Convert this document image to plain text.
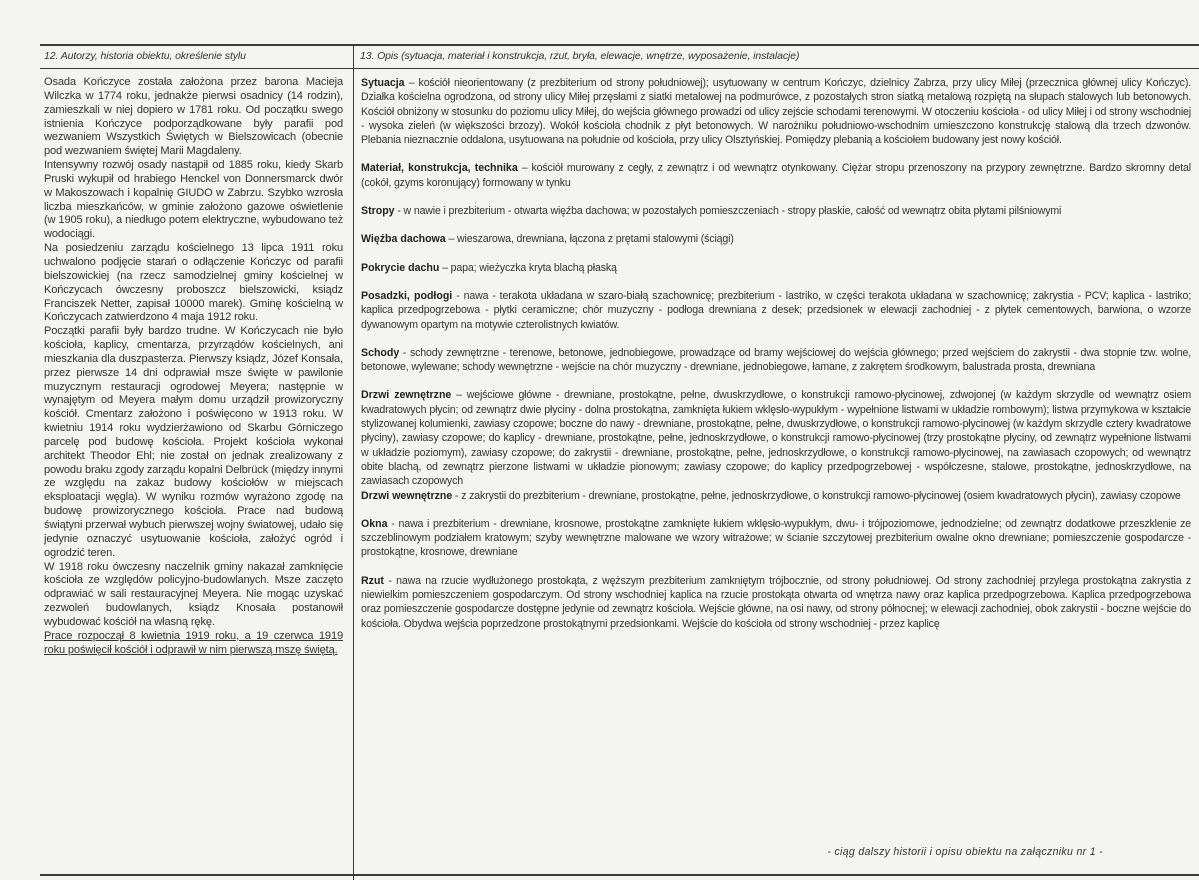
12. Autorzy, historia obiektu, określenie stylu	13. Opis (sytuacja, materiał i konstrukcja, rzut, bryła, elewacje, wnętrze, wyposażenie, instalacje)

Osada Kończyce została założona przez barona Macieja Wilczka w 1774 roku, jednakże pierwsi osadnicy (14 rodzin), zamieszkali w niej dopiero w 1781 roku. Od początku swego istnienia Kończyce podporządkowane były parafii pod wezwaniem Wszystkich Świętych w Bielszowicach (obecnie pod wezwaniem świętej Marii Magdaleny.

Intensywny rozwój osady nastąpił od 1885 roku, kiedy Skarb Pruski wykupił od hrabiego Henckel von Donnersmarck dwór w Makoszowach i kopalnię GIUDO w Zabrzu. Szybko wzrosła liczba mieszkańców, w gminie założono gazowe oświetlenie (w 1905 roku), a niedługo potem elektryczne, wybudowano też wodociągi.

Na posiedzeniu zarządu kościelnego 13 lipca 1911 roku uchwalono podjęcie starań o odłączenie Kończyc od parafii bielszowickiej (na rzecz samodzielnej gminy kościelnej w Kończycach ówczesny proboszcz bielszowicki, ksiądz Franciszek Netter, zapisał 10000 marek). Gminę kościelną w Kończycach zatwierdzono 4 maja 1912 roku.

Początki parafii były bardzo trudne. W Kończycach nie było kościoła, kaplicy, cmentarza, przyrządów kościelnych, ani mieszkania dla duszpasterza. Pierwszy ksiądz, Józef Konsała, przez pierwsze 14 dni odprawiał msze święte w pawilonie muzycznym restauracji ogrodowej Meyera; następnie w wynajętym od Meyera małym domu urządził prowizoryczny kościół. Cmentarz założono i poświęcono w 1913 roku. W kwietniu 1914 roku wydzierżawiono od Skarbu Górniczego parcelę pod budowę kościoła. Projekt kościoła wykonał architekt Theodor Ehl; nie został on jednak zrealizowany z powodu braku zgody zarządu kopalni Delbrück (między innymi ze względu na zakaz budowy kościołów w miejscach eksploatacji węgla). W wyniku rozmów wyrażono zgodę na budowę prowizorycznego kościoła. Prace nad budową świątyni przerwał wybuch pierwszej wojny światowej, udało się jedynie oznaczyć usytuowanie kościoła, założyć ogród i ogrodzić teren.

W 1918 roku ówczesny naczelnik gminy nakazał zamknięcie kościoła ze względów policyjno-budowlanych. Msze zaczęto odprawiać w sali restauracyjnej Meyera. Nie mogąc uzyskać zezwoleń budowlanych, ksiądz Knosała postanowił wybudować kościół na własną rękę.

Prace rozpoczął 8 kwietnia 1919 roku, a 19 czerwca 1919 roku poświęcił kościół i odprawił w nim pierwszą mszę świętą.

Sytuacja – kościół nieorientowany (z prezbiterium od strony południowej); usytuowany w centrum Kończyc, dzielnicy Zabrza, przy ulicy Miłej (przecznica głównej ulicy Kończyc). Działka kościelna ogrodzona, od strony ulicy Miłej przęsłami z siatki metalowej na podmurówce, z pozostałych stron siatką metalową rozpiętą na słupach stalowych lub betonowych. Kościół obniżony w stosunku do poziomu ulicy Miłej, do wejścia głównego prowadzi od ulicy zejście schodami terenowymi. W otoczeniu kościoła - od ulicy Miłej i od strony wschodniej - wysoka zieleń (w większości brzozy). Wokół kościoła chodnik z płyt betonowych. W narożniku południowo-wschodnim umieszczono konstrukcję stalową dla trzech dzwonów. Plebania nieznacznie oddalona, usytuowana na południe od kościoła, przy ulicy Olsztyńskiej. Pomiędzy plebanią a kościołem budowany jest nowy kościół.

Materiał, konstrukcja, technika – kościół murowany z cegły, z zewnątrz i od wewnątrz otynkowany. Ciężar stropu przenoszony na przypory zewnętrzne. Bardzo skromny detal (cokół, gzyms koronujący) formowany w tynku

Stropy - w nawie i prezbiterium - otwarta więźba dachowa; w pozostałych pomieszczeniach - stropy płaskie, całość od wewnątrz obita płytami pilśniowymi

Więźba dachowa – wieszarowa, drewniana, łączona z prętami stalowymi (ściągi)

Pokrycie dachu – papa; wieżyczka kryta blachą płaską

Posadzki, podłogi - nawa - terakota układana w szaro-białą szachownicę; prezbiterium - lastriko, w części terakota układana w szachownicę; zakrystia - PCV; kaplica - lastriko; kaplica przedpogrzebowa - płytki ceramiczne; chór muzyczny - podłoga drewniana z desek; przedsionek w elewacji zachodniej - z płytek cementowych, barwiona, o wzorze dywanowym opartym na motywie czterolistnych kwiatów.

Schody - schody zewnętrzne - terenowe, betonowe, jednobiegowe, prowadzące od bramy wejściowej do wejścia głównego; przed wejściem do zakrystii - dwa stopnie tzw. wolne, betonowe, wylewane; schody wewnętrzne - wejście na chór muzyczny - drewniane, jednobiegowe, łamane, z zakrętem środkowym, balustrada prosta, drewniana

Drzwi zewnętrzne – wejściowe główne - drewniane, prostokątne, pełne, dwuskrzydłowe, o konstrukcji ramowo-płycinowej, zdwojonej (w każdym skrzydle od wewnątrz osiem kwadratowych płycin; od zewnątrz dwie płyciny - dolna prostokątna, zamknięta łukiem wklęsło-wypukłym - wypełnione listwami w układzie rombowym); listwa przymykowa w kształcie stylizowanej kolumienki, zawiasy czopowe; boczne do nawy - drewniane, prostokątne, pełne, dwuskrzydłowe, o konstrukcji ramowo-płycinowej (w każdym skrzydle cztery kwadratowe płyciny), zawiasy czopowe; do kaplicy - drewniane, prostokątne, pełne, jednoskrzydłowe, o konstrukcji ramowo-płycinowej (trzy prostokątne płyciny, od zewnątrz wypełnione listwami w układzie poziomym), zawiasy czopowe; do zakrystii - drewniane, prostokątne, pełne, jednoskrzydłowe, o konstrukcji ramowo-płycinowej, na zawiasach czopowych; od wewnątrz obite blachą, od zewnątrz pierzone listwami w układzie pionowym; zawiasy czopowe; do kaplicy przedpogrzebowej - współczesne, stalowe, prostokątne, jednoskrzydłowe, na zawiasach czopowych

Drzwi wewnętrzne - z zakrystii do prezbiterium - drewniane, prostokątne, pełne, jednoskrzydłowe, o konstrukcji ramowo-płycinowej (osiem kwadratowych płycin), zawiasy czopowe

Okna - nawa i prezbiterium - drewniane, krosnowe, prostokątne zamknięte łukiem wklęsło-wypukłym, dwu- i trójpoziomowe, jednodzielne; od zewnątrz dodatkowe przeszklenie ze szczeblinowym podziałem kratowym; szyby wewnętrzne malowane we wzory witrażowe; w ścianie szczytowej prezbiterium owalne okno drewniane; pomieszczenie gospodarcze - prostokątne, krosnowe, drewniane

Rzut - nawa na rzucie wydłużonego prostokąta, z węższym prezbiterium zamkniętym trójbocznie, od strony południowej. Od strony zachodniej przylega prostokątna zakrystia z niewielkim pomieszczeniem gospodarczym. Od strony wschodniej kaplica na rzucie prostokąta otwarta od wnętrza nawy oraz kaplica przedpogrzebowa. Kaplica przedpogrzebowa oraz pomieszczenie gospodarcze dostępne jedynie od zewnątrz kościoła. Wejście główne, na osi nawy, od strony północnej; w elewacji zachodniej, obok zakrystii - boczne wejście do kościoła. Obydwa wejścia poprzedzone prostokątnymi przedsionkami. Wejście do kościoła od strony wschodniej - przez kaplicę

- ciąg dalszy historii i opisu obiektu na załączniku nr 1 -
